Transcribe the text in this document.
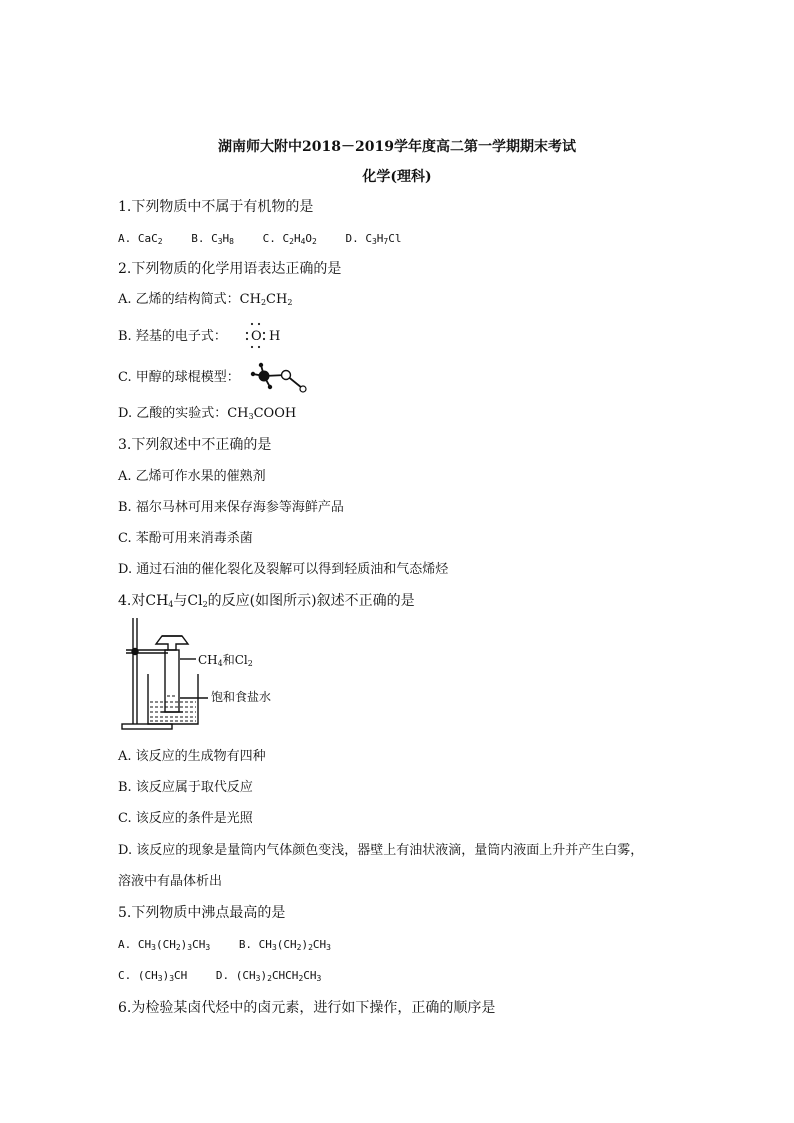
湖南师大附中2018－2019学年度高二第一学期期末考试
化学(理科)
1.下列物质中不属于有机物的是
A. CaC$_2$	B. $C_3H_8$	C. $C_2H_4O_2$	D. $C_3H_7Cl$
2.下列物质的化学用语表达正确的是
A. 乙烯的结构简式：$CH_2CH_2$
B. 羟基的电子式： O H
C. 甲醇的球棍模型：
D. 乙酸的实验式：$CH_3COOH$
3.下列叙述中不正确的是
A. 乙烯可作水果的催熟剂
B. 福尔马林可用来保存海参等海鲜产品
C. 苯酚可用来消毒杀菌
D. 通过石油的催化裂化及裂解可以得到轻质油和气态烯烃
4.对$CH_4$与$Cl_2$的反应(如图所示)叙述不正确的是
$CH_4$和$Cl_2$
饱和食盐水
A. 该反应的生成物有四种
B. 该反应属于取代反应
C. 该反应的条件是光照
D. 该反应的现象是量筒内气体颜色变浅，器壁上有油状液滴，量筒内液面上升并产生白雾，
溶液中有晶体析出
5.下列物质中沸点最高的是
A. $CH_3(CH_2)_3CH_3$	B. $CH_3(CH_2)_2CH_3$
C. $(CH_3)_3CH$	D. $(CH_3)_2CHCH_2CH_3$
6.为检验某卤代烃中的卤元素，进行如下操作，正确的顺序是
